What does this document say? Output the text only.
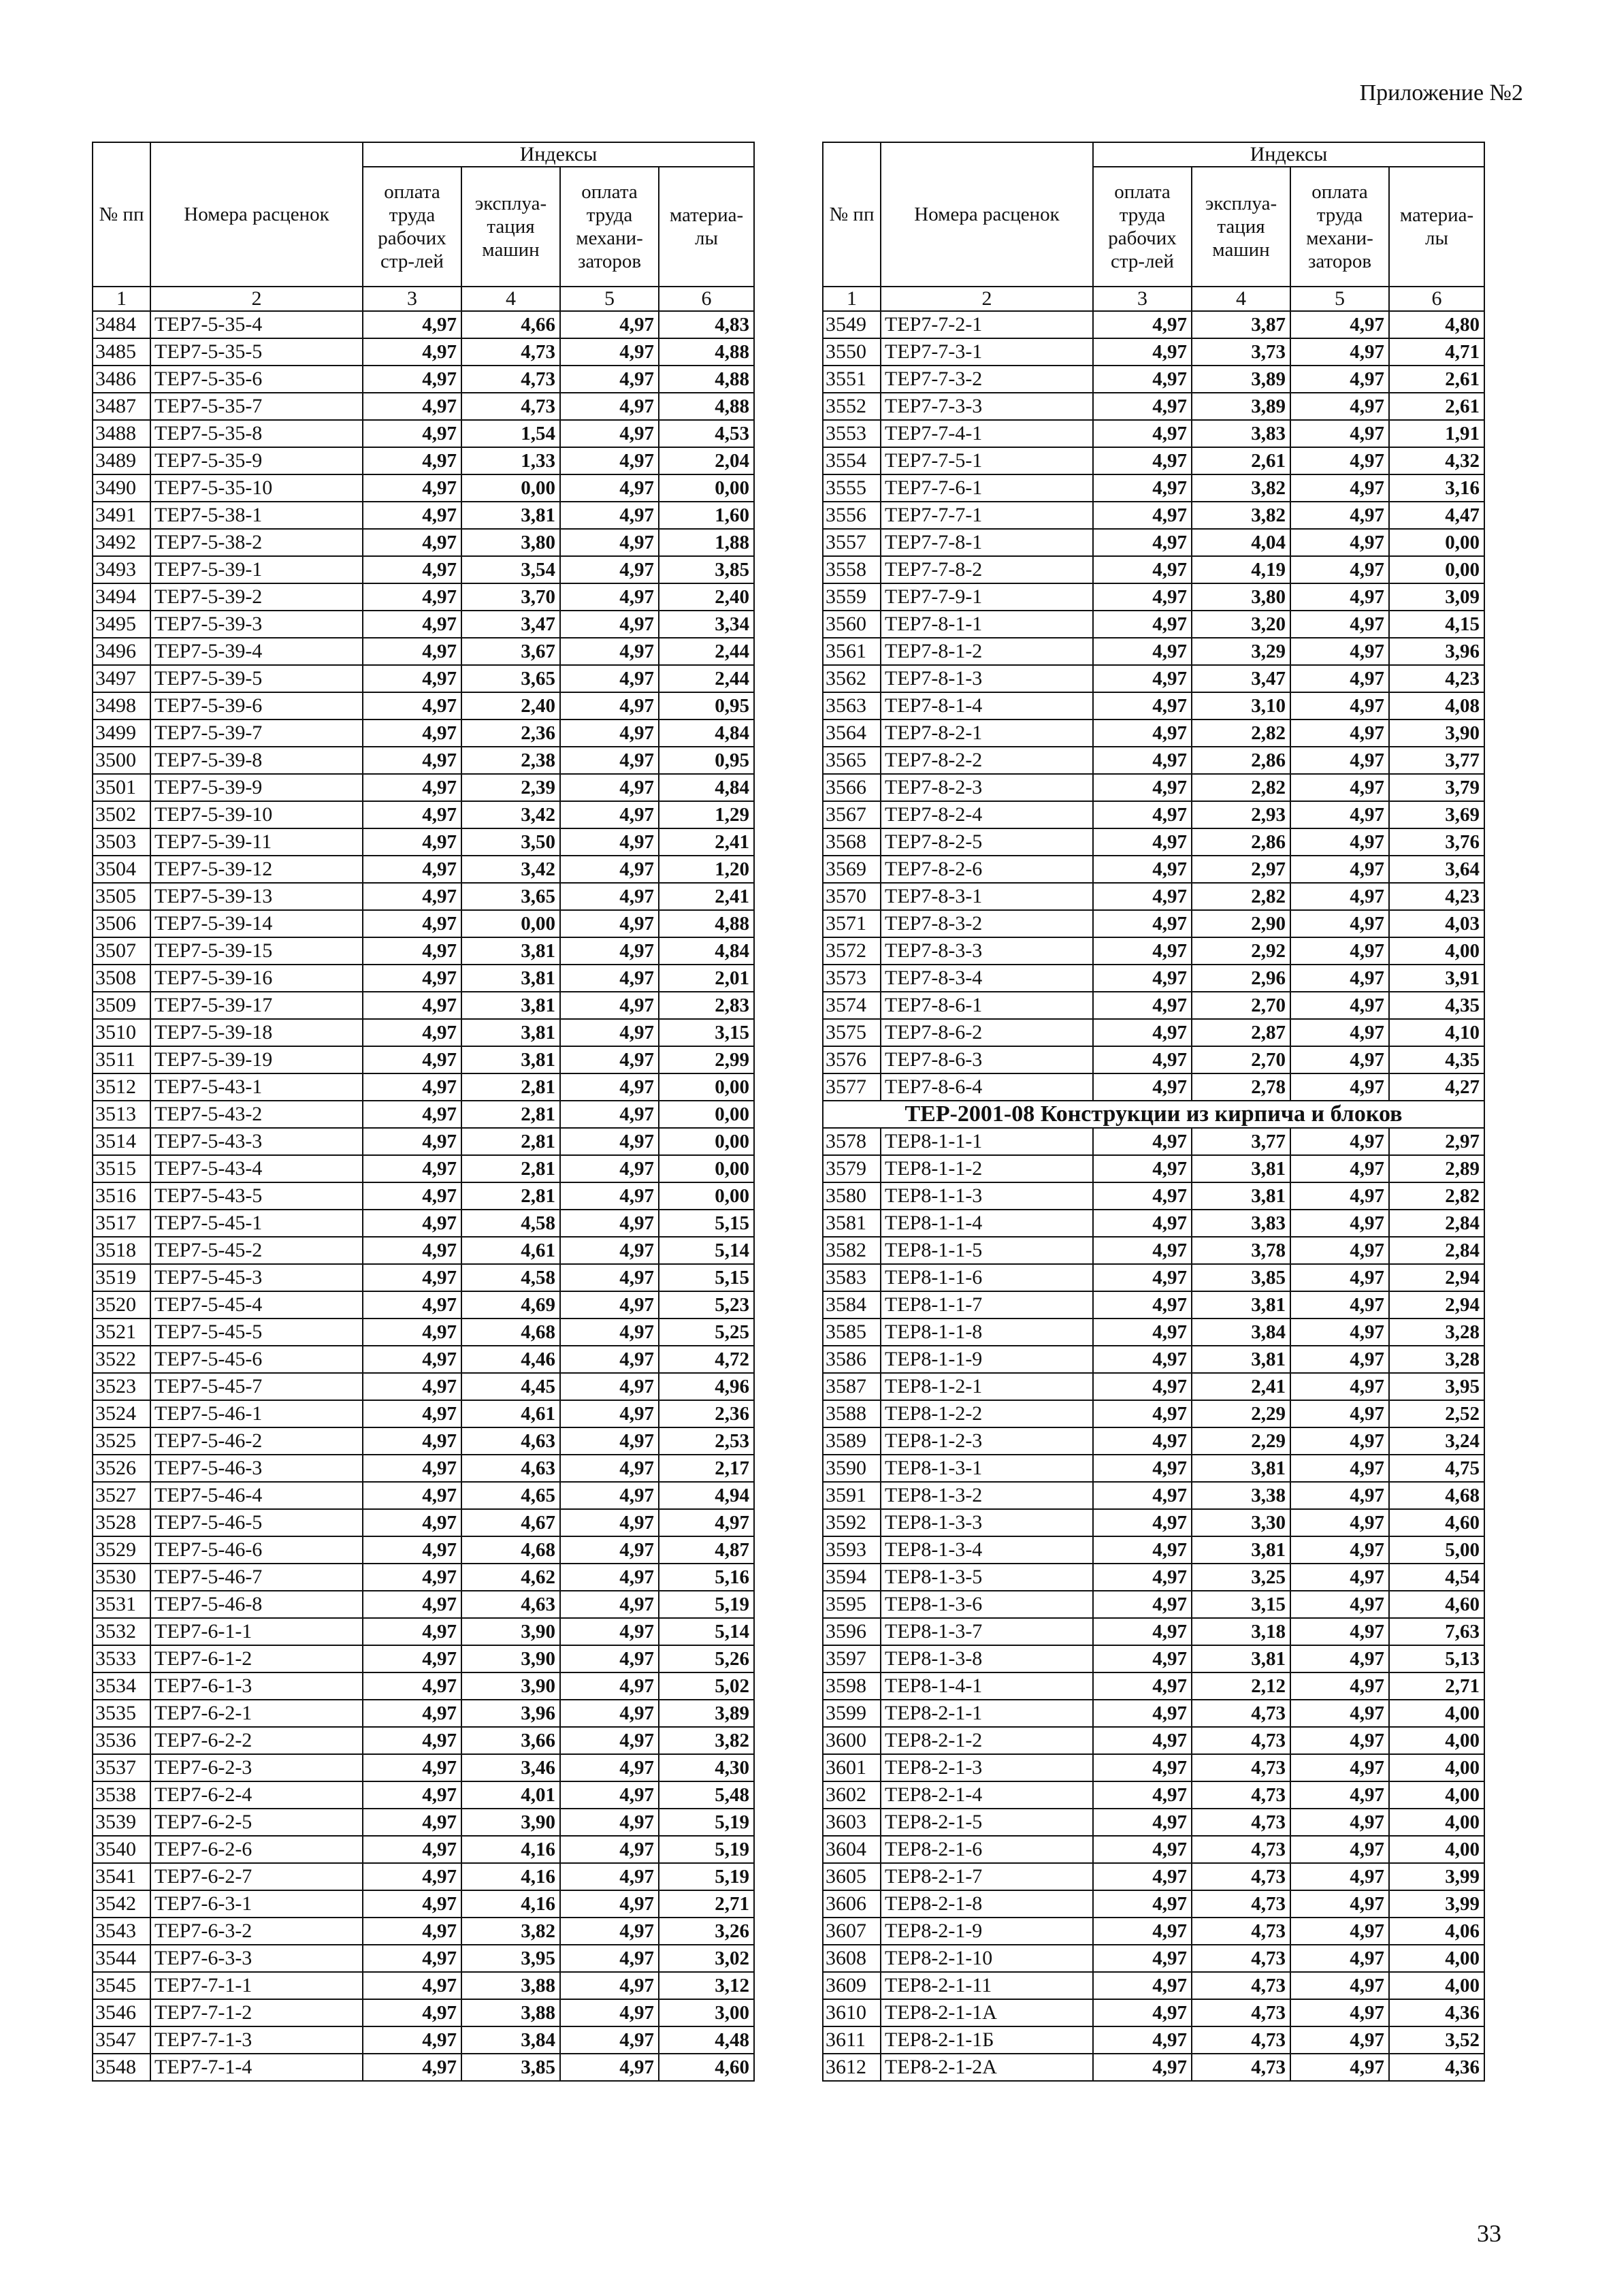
Приложение №2
№ пп	Номера расценок	Индексы			
		оплата труда рабочих стр-лей	эксплуа-тация машин	оплата труда механи-заторов	материа-лы
1	2	3	4	5	6
3484	ТЕР7-5-35-4	4,97	4,66	4,97	4,83
3485	ТЕР7-5-35-5	4,97	4,73	4,97	4,88
3486	ТЕР7-5-35-6	4,97	4,73	4,97	4,88
3487	ТЕР7-5-35-7	4,97	4,73	4,97	4,88
3488	ТЕР7-5-35-8	4,97	1,54	4,97	4,53
3489	ТЕР7-5-35-9	4,97	1,33	4,97	2,04
3490	ТЕР7-5-35-10	4,97	0,00	4,97	0,00
3491	ТЕР7-5-38-1	4,97	3,81	4,97	1,60
3492	ТЕР7-5-38-2	4,97	3,80	4,97	1,88
3493	ТЕР7-5-39-1	4,97	3,54	4,97	3,85
3494	ТЕР7-5-39-2	4,97	3,70	4,97	2,40
3495	ТЕР7-5-39-3	4,97	3,47	4,97	3,34
3496	ТЕР7-5-39-4	4,97	3,67	4,97	2,44
3497	ТЕР7-5-39-5	4,97	3,65	4,97	2,44
3498	ТЕР7-5-39-6	4,97	2,40	4,97	0,95
3499	ТЕР7-5-39-7	4,97	2,36	4,97	4,84
3500	ТЕР7-5-39-8	4,97	2,38	4,97	0,95
3501	ТЕР7-5-39-9	4,97	2,39	4,97	4,84
3502	ТЕР7-5-39-10	4,97	3,42	4,97	1,29
3503	ТЕР7-5-39-11	4,97	3,50	4,97	2,41
3504	ТЕР7-5-39-12	4,97	3,42	4,97	1,20
3505	ТЕР7-5-39-13	4,97	3,65	4,97	2,41
3506	ТЕР7-5-39-14	4,97	0,00	4,97	4,88
3507	ТЕР7-5-39-15	4,97	3,81	4,97	4,84
3508	ТЕР7-5-39-16	4,97	3,81	4,97	2,01
3509	ТЕР7-5-39-17	4,97	3,81	4,97	2,83
3510	ТЕР7-5-39-18	4,97	3,81	4,97	3,15
3511	ТЕР7-5-39-19	4,97	3,81	4,97	2,99
3512	ТЕР7-5-43-1	4,97	2,81	4,97	0,00
3513	ТЕР7-5-43-2	4,97	2,81	4,97	0,00
3514	ТЕР7-5-43-3	4,97	2,81	4,97	0,00
3515	ТЕР7-5-43-4	4,97	2,81	4,97	0,00
3516	ТЕР7-5-43-5	4,97	2,81	4,97	0,00
3517	ТЕР7-5-45-1	4,97	4,58	4,97	5,15
3518	ТЕР7-5-45-2	4,97	4,61	4,97	5,14
3519	ТЕР7-5-45-3	4,97	4,58	4,97	5,15
3520	ТЕР7-5-45-4	4,97	4,69	4,97	5,23
3521	ТЕР7-5-45-5	4,97	4,68	4,97	5,25
3522	ТЕР7-5-45-6	4,97	4,46	4,97	4,72
3523	ТЕР7-5-45-7	4,97	4,45	4,97	4,96
3524	ТЕР7-5-46-1	4,97	4,61	4,97	2,36
3525	ТЕР7-5-46-2	4,97	4,63	4,97	2,53
3526	ТЕР7-5-46-3	4,97	4,63	4,97	2,17
3527	ТЕР7-5-46-4	4,97	4,65	4,97	4,94
3528	ТЕР7-5-46-5	4,97	4,67	4,97	4,97
3529	ТЕР7-5-46-6	4,97	4,68	4,97	4,87
3530	ТЕР7-5-46-7	4,97	4,62	4,97	5,16
3531	ТЕР7-5-46-8	4,97	4,63	4,97	5,19
3532	ТЕР7-6-1-1	4,97	3,90	4,97	5,14
3533	ТЕР7-6-1-2	4,97	3,90	4,97	5,26
3534	ТЕР7-6-1-3	4,97	3,90	4,97	5,02
3535	ТЕР7-6-2-1	4,97	3,96	4,97	3,89
3536	ТЕР7-6-2-2	4,97	3,66	4,97	3,82
3537	ТЕР7-6-2-3	4,97	3,46	4,97	4,30
3538	ТЕР7-6-2-4	4,97	4,01	4,97	5,48
3539	ТЕР7-6-2-5	4,97	3,90	4,97	5,19
3540	ТЕР7-6-2-6	4,97	4,16	4,97	5,19
3541	ТЕР7-6-2-7	4,97	4,16	4,97	5,19
3542	ТЕР7-6-3-1	4,97	4,16	4,97	2,71
3543	ТЕР7-6-3-2	4,97	3,82	4,97	3,26
3544	ТЕР7-6-3-3	4,97	3,95	4,97	3,02
3545	ТЕР7-7-1-1	4,97	3,88	4,97	3,12
3546	ТЕР7-7-1-2	4,97	3,88	4,97	3,00
3547	ТЕР7-7-1-3	4,97	3,84	4,97	4,48
3548	ТЕР7-7-1-4	4,97	3,85	4,97	4,60
№ пп	Номера расценок	Индексы			
		оплата труда рабочих стр-лей	эксплуа-тация машин	оплата труда механи-заторов	материа-лы
1	2	3	4	5	6
3549	ТЕР7-7-2-1	4,97	3,87	4,97	4,80
3550	ТЕР7-7-3-1	4,97	3,73	4,97	4,71
3551	ТЕР7-7-3-2	4,97	3,89	4,97	2,61
3552	ТЕР7-7-3-3	4,97	3,89	4,97	2,61
3553	ТЕР7-7-4-1	4,97	3,83	4,97	1,91
3554	ТЕР7-7-5-1	4,97	2,61	4,97	4,32
3555	ТЕР7-7-6-1	4,97	3,82	4,97	3,16
3556	ТЕР7-7-7-1	4,97	3,82	4,97	4,47
3557	ТЕР7-7-8-1	4,97	4,04	4,97	0,00
3558	ТЕР7-7-8-2	4,97	4,19	4,97	0,00
3559	ТЕР7-7-9-1	4,97	3,80	4,97	3,09
3560	ТЕР7-8-1-1	4,97	3,20	4,97	4,15
3561	ТЕР7-8-1-2	4,97	3,29	4,97	3,96
3562	ТЕР7-8-1-3	4,97	3,47	4,97	4,23
3563	ТЕР7-8-1-4	4,97	3,10	4,97	4,08
3564	ТЕР7-8-2-1	4,97	2,82	4,97	3,90
3565	ТЕР7-8-2-2	4,97	2,86	4,97	3,77
3566	ТЕР7-8-2-3	4,97	2,82	4,97	3,79
3567	ТЕР7-8-2-4	4,97	2,93	4,97	3,69
3568	ТЕР7-8-2-5	4,97	2,86	4,97	3,76
3569	ТЕР7-8-2-6	4,97	2,97	4,97	3,64
3570	ТЕР7-8-3-1	4,97	2,82	4,97	4,23
3571	ТЕР7-8-3-2	4,97	2,90	4,97	4,03
3572	ТЕР7-8-3-3	4,97	2,92	4,97	4,00
3573	ТЕР7-8-3-4	4,97	2,96	4,97	3,91
3574	ТЕР7-8-6-1	4,97	2,70	4,97	4,35
3575	ТЕР7-8-6-2	4,97	2,87	4,97	4,10
3576	ТЕР7-8-6-3	4,97	2,70	4,97	4,35
3577	ТЕР7-8-6-4	4,97	2,78	4,97	4,27
ТЕР-2001-08 Конструкции из кирпича и блоков					
3578	ТЕР8-1-1-1	4,97	3,77	4,97	2,97
3579	ТЕР8-1-1-2	4,97	3,81	4,97	2,89
3580	ТЕР8-1-1-3	4,97	3,81	4,97	2,82
3581	ТЕР8-1-1-4	4,97	3,83	4,97	2,84
3582	ТЕР8-1-1-5	4,97	3,78	4,97	2,84
3583	ТЕР8-1-1-6	4,97	3,85	4,97	2,94
3584	ТЕР8-1-1-7	4,97	3,81	4,97	2,94
3585	ТЕР8-1-1-8	4,97	3,84	4,97	3,28
3586	ТЕР8-1-1-9	4,97	3,81	4,97	3,28
3587	ТЕР8-1-2-1	4,97	2,41	4,97	3,95
3588	ТЕР8-1-2-2	4,97	2,29	4,97	2,52
3589	ТЕР8-1-2-3	4,97	2,29	4,97	3,24
3590	ТЕР8-1-3-1	4,97	3,81	4,97	4,75
3591	ТЕР8-1-3-2	4,97	3,38	4,97	4,68
3592	ТЕР8-1-3-3	4,97	3,30	4,97	4,60
3593	ТЕР8-1-3-4	4,97	3,81	4,97	5,00
3594	ТЕР8-1-3-5	4,97	3,25	4,97	4,54
3595	ТЕР8-1-3-6	4,97	3,15	4,97	4,60
3596	ТЕР8-1-3-7	4,97	3,18	4,97	7,63
3597	ТЕР8-1-3-8	4,97	3,81	4,97	5,13
3598	ТЕР8-1-4-1	4,97	2,12	4,97	2,71
3599	ТЕР8-2-1-1	4,97	4,73	4,97	4,00
3600	ТЕР8-2-1-2	4,97	4,73	4,97	4,00
3601	ТЕР8-2-1-3	4,97	4,73	4,97	4,00
3602	ТЕР8-2-1-4	4,97	4,73	4,97	4,00
3603	ТЕР8-2-1-5	4,97	4,73	4,97	4,00
3604	ТЕР8-2-1-6	4,97	4,73	4,97	4,00
3605	ТЕР8-2-1-7	4,97	4,73	4,97	3,99
3606	ТЕР8-2-1-8	4,97	4,73	4,97	3,99
3607	ТЕР8-2-1-9	4,97	4,73	4,97	4,06
3608	ТЕР8-2-1-10	4,97	4,73	4,97	4,00
3609	ТЕР8-2-1-11	4,97	4,73	4,97	4,00
3610	ТЕР8-2-1-1А	4,97	4,73	4,97	4,36
3611	ТЕР8-2-1-1Б	4,97	4,73	4,97	3,52
3612	ТЕР8-2-1-2А	4,97	4,73	4,97	4,36
33
